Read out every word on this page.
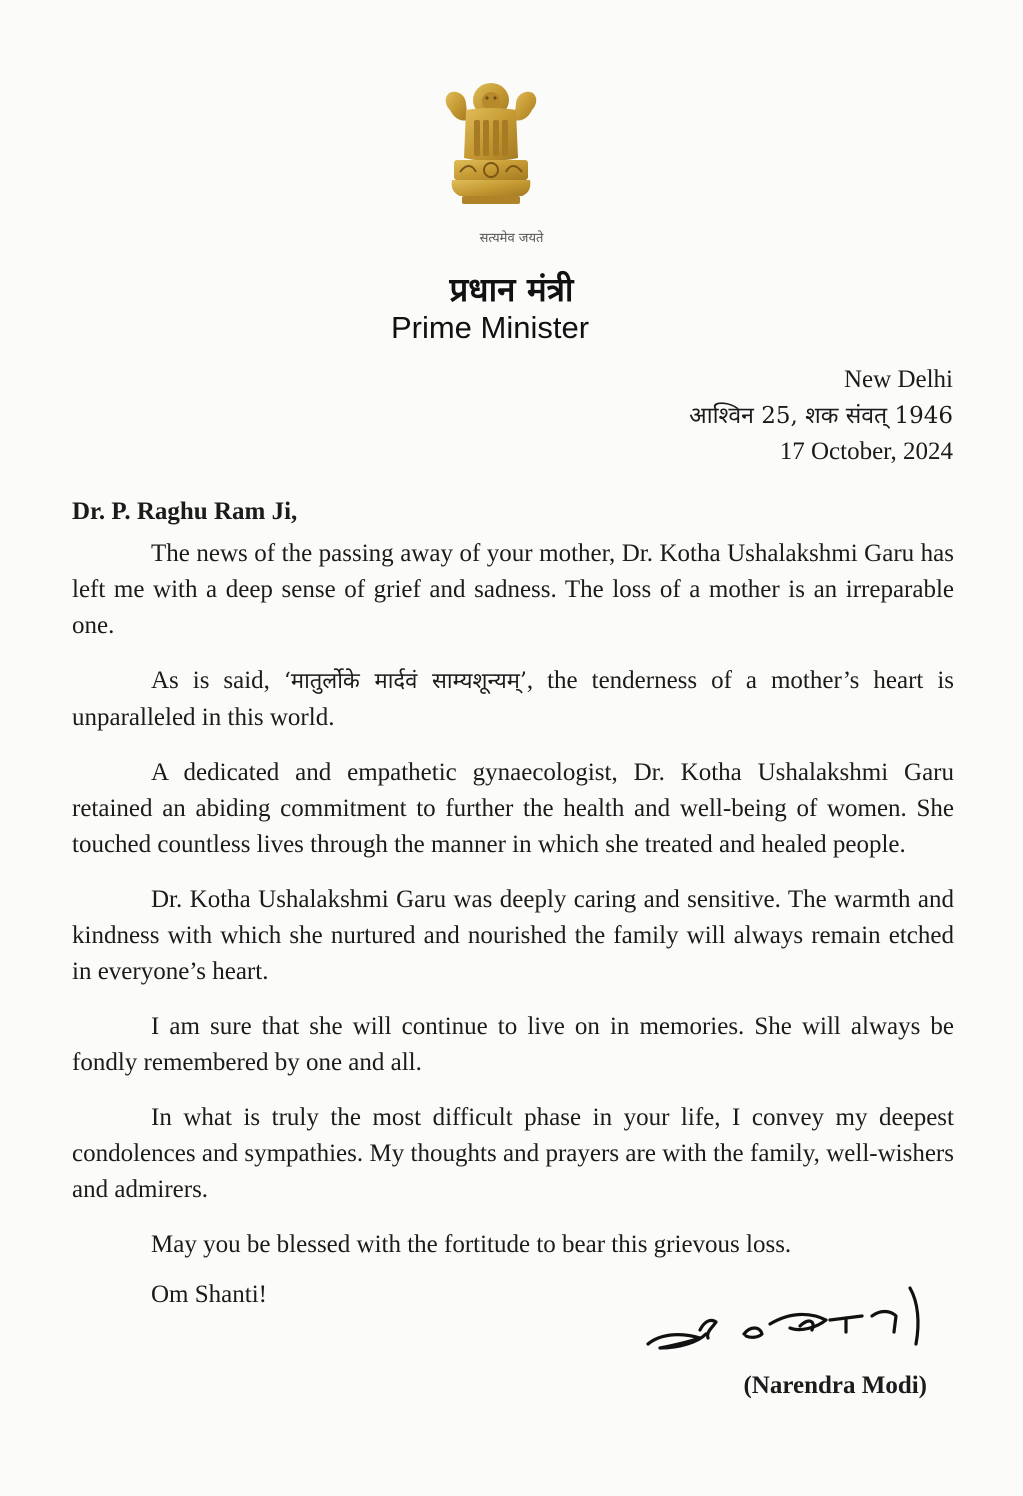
सत्यमेव जयते
प्रधान मंत्री
Prime Minister
New Delhi
आश्विन 25, शक संवत् 1946
17 October, 2024
Dr. P. Raghu Ram Ji,

The news of the passing away of your mother, Dr. Kotha Ushalakshmi Garu has left me with a deep sense of grief and sadness. The loss of a mother is an irreparable one.

As is said, ‘मातुर्लोके मार्दवं साम्यशून्यम्’, the tenderness of a mother’s heart is unparalleled in this world.

A dedicated and empathetic gynaecologist, Dr. Kotha Ushalakshmi Garu retained an abiding commitment to further the health and well-being of women. She touched countless lives through the manner in which she treated and healed people.

Dr. Kotha Ushalakshmi Garu was deeply caring and sensitive. The warmth and kindness with which she nurtured and nourished the family will always remain etched in everyone’s heart.

I am sure that she will continue to live on in memories. She will always be fondly remembered by one and all.

In what is truly the most difficult phase in your life, I convey my deepest condolences and sympathies. My thoughts and prayers are with the family, well-wishers and admirers.

May you be blessed with the fortitude to bear this grievous loss.

Om Shanti!

(Narendra Modi)
